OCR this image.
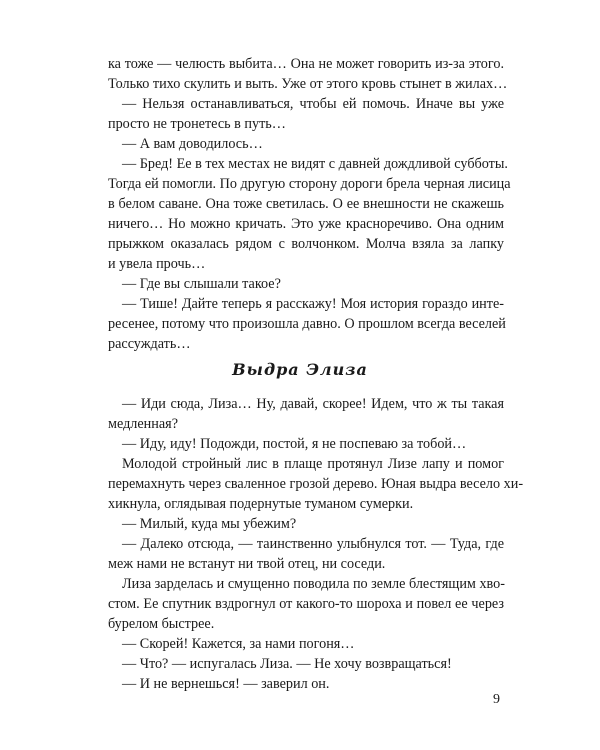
ка тоже — челюсть выбита… Она не может говорить из-за этого.
Только тихо скулить и выть. Уже от этого кровь стынет в жилах…
— Нельзя останавливаться, чтобы ей помочь. Иначе вы уже
просто не тронетесь в путь…
— А вам доводилось…
— Бред! Ее в тех местах не видят с давней дождливой субботы.
Тогда ей помогли. По другую сторону дороги брела черная лисица
в белом саване. Она тоже светилась. О ее внешности не скажешь
ничего… Но можно кричать. Это уже красноречиво. Она одним
прыжком оказалась рядом с волчонком. Молча взяла за лапку
и увела прочь…
— Где вы слышали такое?
— Тише! Дайте теперь я расскажу! Моя история гораздо инте-
ресенее, потому что произошла давно. О прошлом всегда веселей
рассуждать…
Выдра Элиза
— Иди сюда, Лиза… Ну, давай, скорее! Идем, что ж ты такая
медленная?
— Иду, иду! Подожди, постой, я не поспеваю за тобой…
Молодой стройный лис в плаще протянул Лизе лапу и помог
перемахнуть через сваленное грозой дерево. Юная выдра весело хи-
хикнула, оглядывая подернутые туманом сумерки.
— Милый, куда мы убежим?
— Далеко отсюда, — таинственно улыбнулся тот. — Туда, где
меж нами не встанут ни твой отец, ни соседи.
Лиза зарделась и смущенно поводила по земле блестящим хво-
стом. Ее спутник вздрогнул от какого-то шороха и повел ее через
бурелом быстрее.
— Скорей! Кажется, за нами погоня…
— Что? — испугалась Лиза. — Не хочу возвращаться!
— И не вернешься! — заверил он.
9
